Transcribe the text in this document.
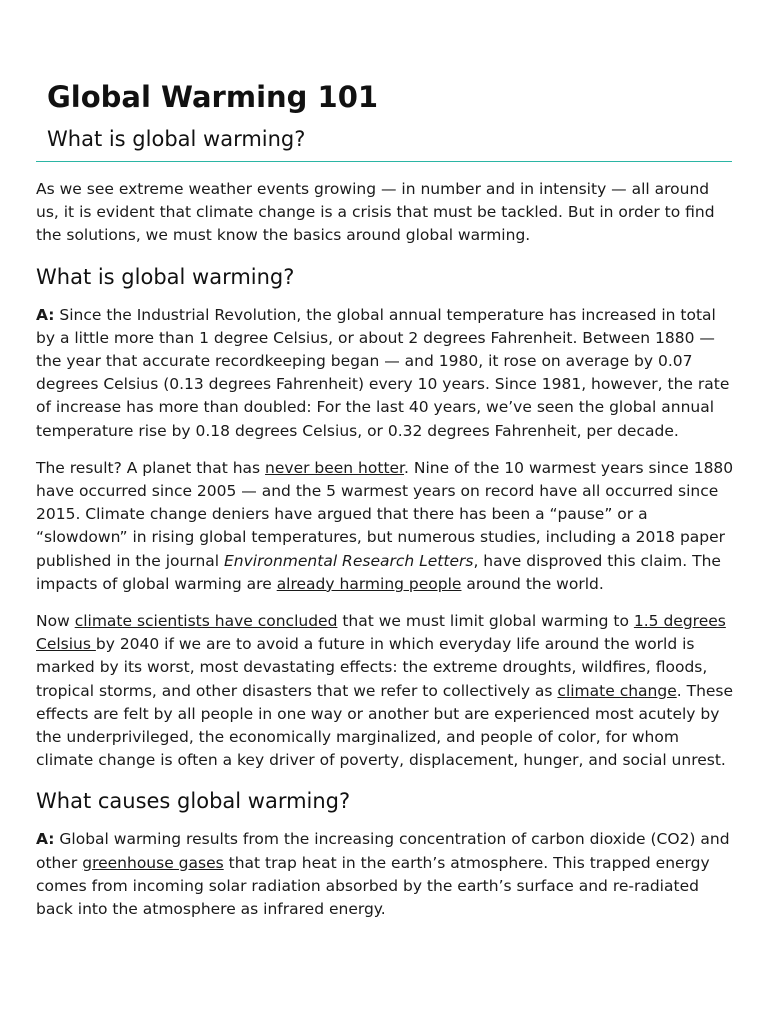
Global Warming 101
What is global warming?

As we see extreme weather events growing — in number and in intensity — all around us, it is evident that climate change is a crisis that must be tackled. But in order to find the solutions, we must know the basics around global warming.

What is global warming?

A: Since the Industrial Revolution, the global annual temperature has increased in total by a little more than 1 degree Celsius, or about 2 degrees Fahrenheit. Between 1880 — the year that accurate recordkeeping began — and 1980, it rose on average by 0.07 degrees Celsius (0.13 degrees Fahrenheit) every 10 years. Since 1981, however, the rate of increase has more than doubled: For the last 40 years, we’ve seen the global annual temperature rise by 0.18 degrees Celsius, or 0.32 degrees Fahrenheit, per decade.

The result? A planet that has never been hotter. Nine of the 10 warmest years since 1880 have occurred since 2005 — and the 5 warmest years on record have all occurred since 2015. Climate change deniers have argued that there has been a “pause” or a “slowdown” in rising global temperatures, but numerous studies, including a 2018 paper published in the journal Environmental Research Letters, have disproved this claim. The impacts of global warming are already harming people around the world.

Now climate scientists have concluded that we must limit global warming to 1.5 degrees Celsius by 2040 if we are to avoid a future in which everyday life around the world is marked by its worst, most devastating effects: the extreme droughts, wildfires, floods, tropical storms, and other disasters that we refer to collectively as climate change. These effects are felt by all people in one way or another but are experienced most acutely by the underprivileged, the economically marginalized, and people of color, for whom climate change is often a key driver of poverty, displacement, hunger, and social unrest.

What causes global warming?

A: Global warming results from the increasing concentration of carbon dioxide (CO2) and other greenhouse gases that trap heat in the earth’s atmosphere. This trapped energy comes from incoming solar radiation absorbed by the earth’s surface and re-radiated back into the atmosphere as infrared energy.
